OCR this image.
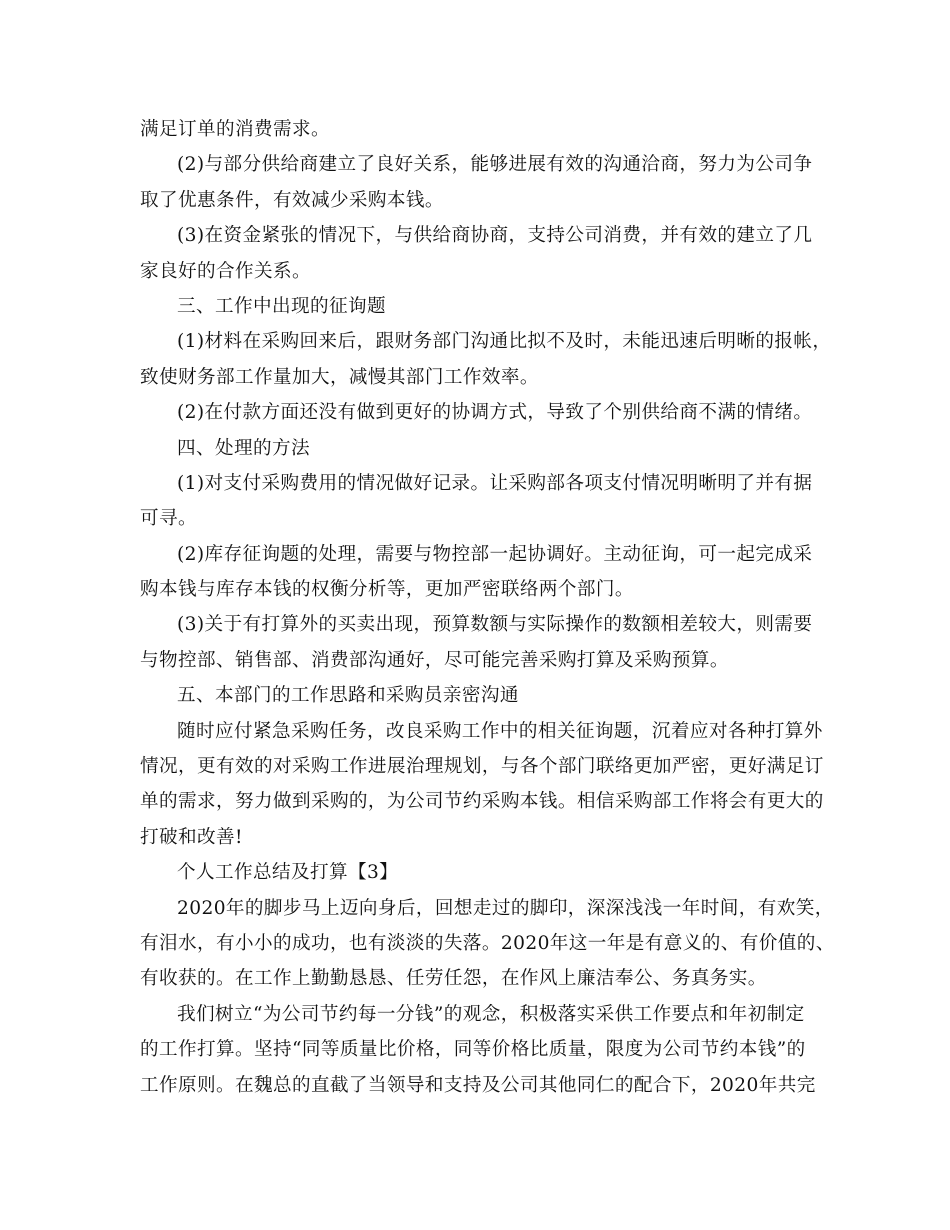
满足订单的消费需求。
(2)与部分供给商建立了良好关系，能够进展有效的沟通洽商，努力为公司争
取了优惠条件，有效减少采购本钱。
(3)在资金紧张的情况下，与供给商协商，支持公司消费，并有效的建立了几
家良好的合作关系。
三、工作中出现的征询题
(1)材料在采购回来后，跟财务部门沟通比拟不及时，未能迅速后明晰的报帐，
致使财务部工作量加大，减慢其部门工作效率。
(2)在付款方面还没有做到更好的协调方式，导致了个别供给商不满的情绪。
四、处理的方法
(1)对支付采购费用的情况做好记录。让采购部各项支付情况明晰明了并有据
可寻。
(2)库存征询题的处理，需要与物控部一起协调好。主动征询，可一起完成采
购本钱与库存本钱的权衡分析等，更加严密联络两个部门。
(3)关于有打算外的买卖出现，预算数额与实际操作的数额相差较大，则需要
与物控部、销售部、消费部沟通好，尽可能完善采购打算及采购预算。
五、本部门的工作思路和采购员亲密沟通
随时应付紧急采购任务，改良采购工作中的相关征询题，沉着应对各种打算外
情况，更有效的对采购工作进展治理规划，与各个部门联络更加严密，更好满足订
单的需求，努力做到采购的，为公司节约采购本钱。相信采购部工作将会有更大的
打破和改善!
个人工作总结及打算【3】
2020年的脚步马上迈向身后，回想走过的脚印，深深浅浅一年时间，有欢笑，
有泪水，有小小的成功，也有淡淡的失落。2020年这一年是有意义的、有价值的、
有收获的。在工作上勤勤恳恳、任劳任怨，在作风上廉洁奉公、务真务实。
我们树立“为公司节约每一分钱”的观念，积极落实采供工作要点和年初制定
的工作打算。坚持“同等质量比价格，同等价格比质量，限度为公司节约本钱”的
工作原则。在魏总的直截了当领导和支持及公司其他同仁的配合下，2020年共完
